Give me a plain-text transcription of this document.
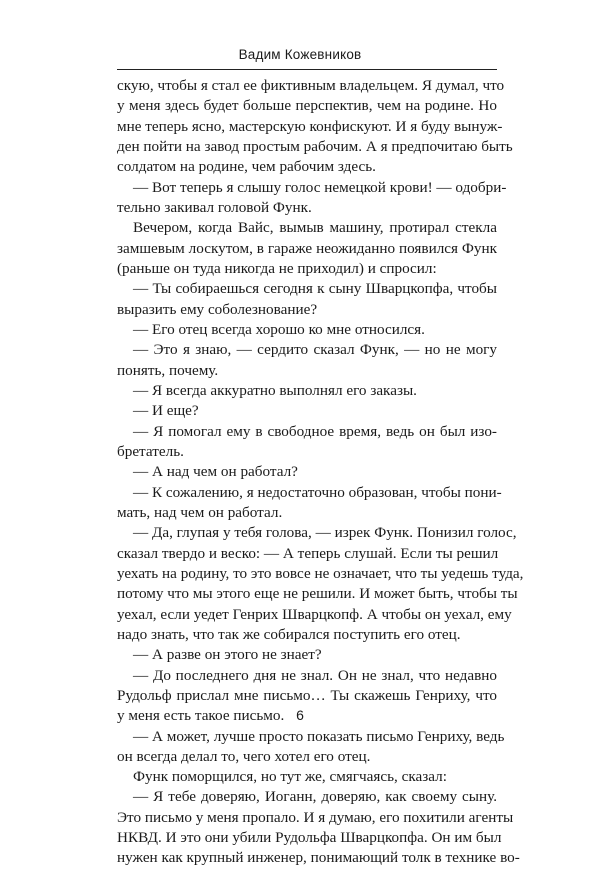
Вадим Кожевников
скую, чтобы я стал ее фиктивным владельцем. Я думал, что
у меня здесь будет больше перспектив, чем на родине. Но
мне теперь ясно, мастерскую конфискуют. И я буду вынуж-
ден пойти на завод простым рабочим. А я предпочитаю быть
солдатом на родине, чем рабочим здесь.
— Вот теперь я слышу голос немецкой крови! — одобри-
тельно закивал головой Функ.
Вечером, когда Вайс, вымыв машину, протирал стекла
замшевым лоскутом, в гараже неожиданно появился Функ
(раньше он туда никогда не приходил) и спросил:
— Ты собираешься сегодня к сыну Шварцкопфа, чтобы
выразить ему соболезнование?
— Его отец всегда хорошо ко мне относился.
— Это я знаю, — сердито сказал Функ, — но не могу
понять, почему.
— Я всегда аккуратно выполнял его заказы.
— И еще?
— Я помогал ему в свободное время, ведь он был изо-
бретатель.
— А над чем он работал?
— К сожалению, я недостаточно образован, чтобы пони-
мать, над чем он работал.
— Да, глупая у тебя голова, — изрек Функ. Понизил голос,
сказал твердо и веско: — А теперь слушай. Если ты решил
уехать на родину, то это вовсе не означает, что ты уедешь туда,
потому что мы этого еще не решили. И может быть, чтобы ты
уехал, если уедет Генрих Шварцкопф. А чтобы он уехал, ему
надо знать, что так же собирался поступить его отец.
— А разве он этого не знает?
— До последнего дня не знал. Он не знал, что недавно
Рудольф прислал мне письмо… Ты скажешь Генриху, что
у меня есть такое письмо.
— А может, лучше просто показать письмо Генриху, ведь
он всегда делал то, чего хотел его отец.
Функ поморщился, но тут же, смягчаясь, сказал:
— Я тебе доверяю, Иоганн, доверяю, как своему сыну.
Это письмо у меня пропало. И я думаю, его похитили агенты
НКВД. И это они убили Рудольфа Шварцкопфа. Он им был
нужен как крупный инженер, понимающий толк в технике во-
6
